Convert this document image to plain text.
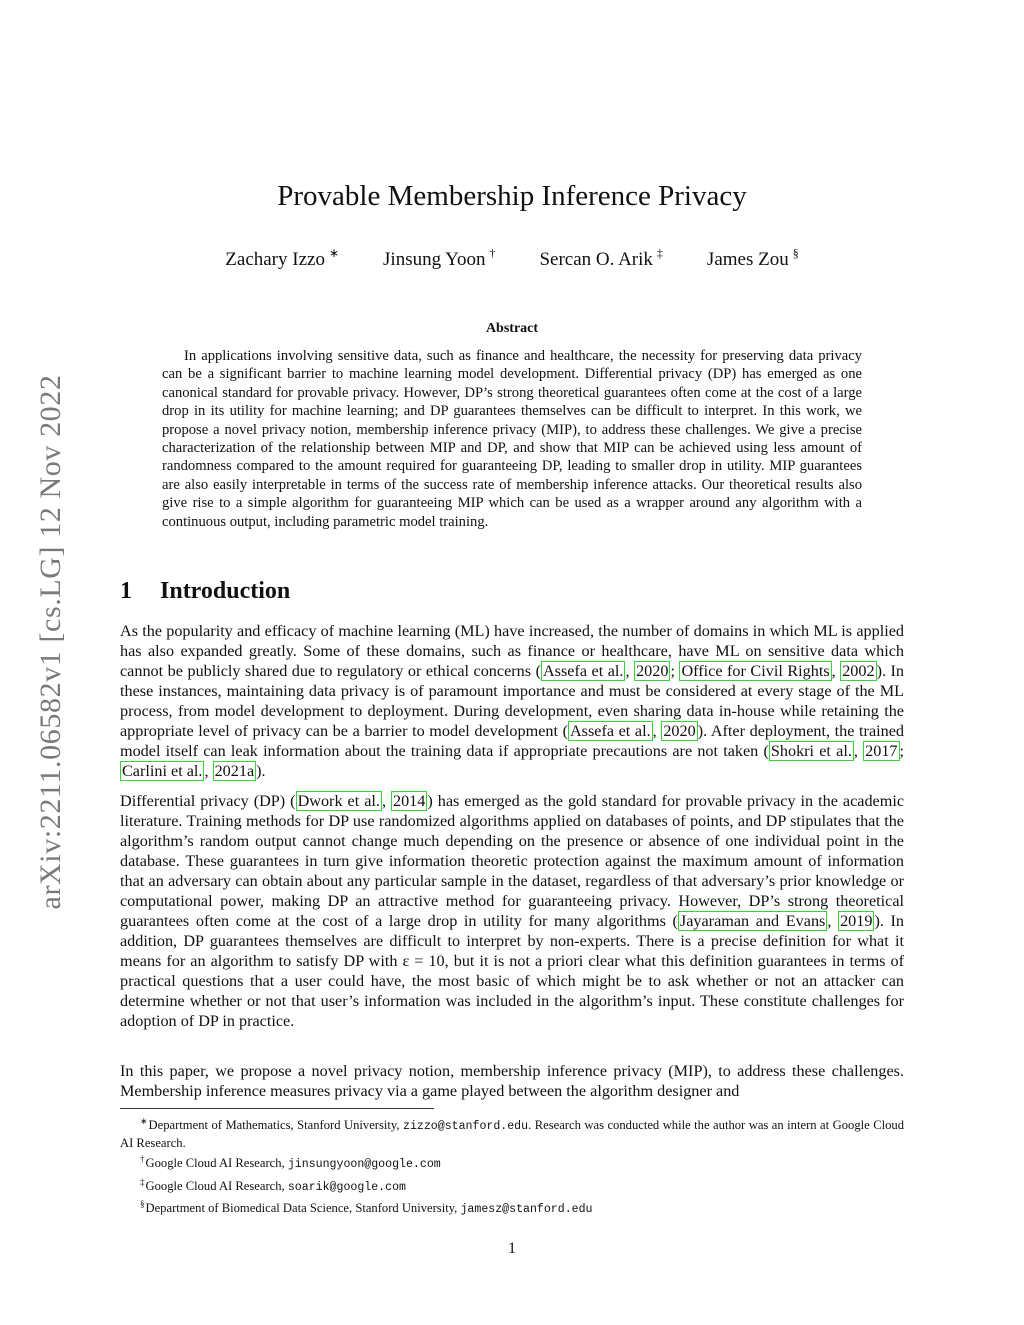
arXiv:2211.06582v1 [cs.LG] 12 Nov 2022
Provable Membership Inference Privacy
Zachary Izzo ∗ Jinsung Yoon † Sercan O. Arik ‡ James Zou §
Abstract
In applications involving sensitive data, such as finance and healthcare, the necessity for preserving data privacy can be a significant barrier to machine learning model development. Differential privacy (DP) has emerged as one canonical standard for provable privacy. However, DP’s strong theoretical guarantees often come at the cost of a large drop in its utility for machine learning; and DP guarantees themselves can be difficult to interpret. In this work, we propose a novel privacy notion, membership inference privacy (MIP), to address these challenges. We give a precise characterization of the relationship between MIP and DP, and show that MIP can be achieved using less amount of randomness compared to the amount required for guaranteeing DP, leading to smaller drop in utility. MIP guarantees are also easily interpretable in terms of the success rate of membership inference attacks. Our theoretical results also give rise to a simple algorithm for guaranteeing MIP which can be used as a wrapper around any algorithm with a continuous output, including parametric model training.
1 Introduction
As the popularity and efficacy of machine learning (ML) have increased, the number of domains in which ML is applied has also expanded greatly. Some of these domains, such as finance or healthcare, have ML on sensitive data which cannot be publicly shared due to regulatory or ethical concerns ( Assefa et al. , 2020 ; Office for Civil Rights , 2002 ). In these instances, maintaining data privacy is of paramount importance and must be considered at every stage of the ML process, from model development to deployment. During development, even sharing data in-house while retaining the appropriate level of privacy can be a barrier to model development ( Assefa et al. , 2020 ). After deployment, the trained model itself can leak information about the training data if appropriate precautions are not taken ( Shokri et al. , 2017 ; Carlini et al. , 2021a ).
Differential privacy (DP) ( Dwork et al. , 2014 ) has emerged as the gold standard for provable privacy in the academic literature. Training methods for DP use randomized algorithms applied on databases of points, and DP stipulates that the algorithm’s random output cannot change much depending on the presence or absence of one individual point in the database. These guarantees in turn give information theoretic protection against the maximum amount of information that an adversary can obtain about any particular sample in the dataset, regardless of that adversary’s prior knowledge or computational power, making DP an attractive method for guaranteeing privacy. However, DP’s strong theoretical guarantees often come at the cost of a large drop in utility for many algorithms ( Jayaraman and Evans , 2019 ). In addition, DP guarantees themselves are difficult to interpret by non-experts. There is a precise definition for what it means for an algorithm to satisfy DP with ε = 10, but it is not a priori clear what this definition guarantees in terms of practical questions that a user could have, the most basic of which might be to ask whether or not an attacker can determine whether or not that user’s information was included in the algorithm’s input. These constitute challenges for adoption of DP in practice.
In this paper, we propose a novel privacy notion, membership inference privacy (MIP), to address these challenges. Membership inference measures privacy via a game played between the algorithm designer and
∗Department of Mathematics, Stanford University, zizzo@stanford.edu. Research was conducted while the author was an intern at Google Cloud AI Research.
†Google Cloud AI Research, jinsungyoon@google.com
‡Google Cloud AI Research, soarik@google.com
§Department of Biomedical Data Science, Stanford University, jamesz@stanford.edu
1
